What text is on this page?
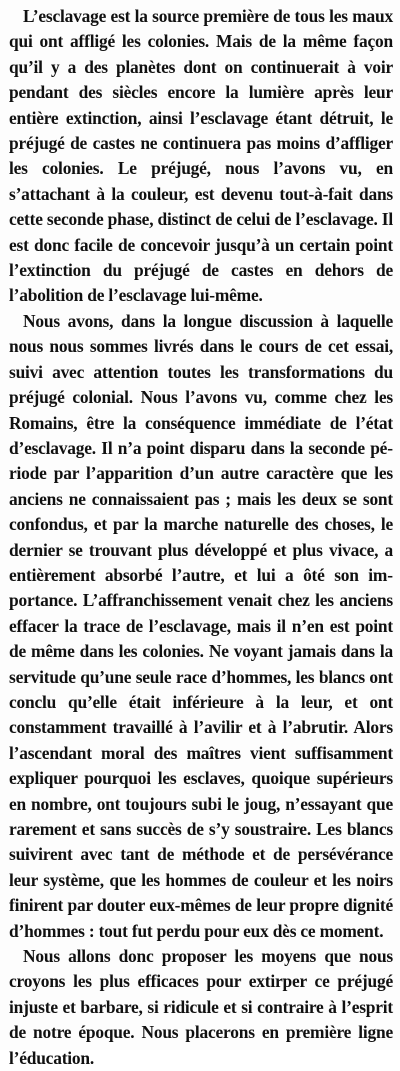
L’esclavage est la source première de tous les maux qui ont affligé les colonies. Mais de la même façon qu’il y a des planètes dont on continuerait à voir pendant des siècles encore la lumière après leur entière extinction, ainsi l’esclavage étant détruit, le préjugé de castes ne continuera pas moins d’affliger les colonies. Le préjugé, nous l’avons vu, en s’attachant à la couleur, est devenu tout-à-fait dans cette seconde phase, distinct de celui de l’esclavage. Il est donc facile de concevoir jusqu’à un certain point l’extinction du préjugé de castes en dehors de l’abolition de l’esclavage lui-même.

Nous avons, dans la longue discussion à laquelle nous nous sommes livrés dans le cours de cet essai, suivi avec attention toutes les transformations du préjugé colonial. Nous l’avons vu, comme chez les Romains, être la conséquence immédiate de l’état d’esclavage. Il n’a point disparu dans la seconde période par l’apparition d’un autre caractère que les anciens ne connaissaient pas ; mais les deux se sont confondus, et par la marche naturelle des choses, le dernier se trouvant plus développé et plus vivace, a entièrement absorbé l’autre, et lui a ôté son importance. L’affranchissement venait chez les anciens effacer la trace de l’esclavage, mais il n’en est point de même dans les colonies. Ne voyant jamais dans la servitude qu’une seule race d’hommes, les blancs ont conclu qu’elle était inférieure à la leur, et ont constamment travaillé à l’avilir et à l’abrutir. Alors l’ascendant moral des maîtres vient suffisamment expliquer pourquoi les esclaves, quoique supérieurs en nombre, ont toujours subi le joug, n’essayant que rarement et sans succès de s’y soustraire. Les blancs suivirent avec tant de méthode et de persévérance leur système, que les hommes de couleur et les noirs finirent par douter eux-mêmes de leur propre dignité d’hommes : tout fut perdu pour eux dès ce moment.

Nous allons donc proposer les moyens que nous croyons les plus efficaces pour extirper ce préjugé injuste et barbare, si ridicule et si contraire à l’esprit de notre époque. Nous placerons en première ligne l’éducation.
